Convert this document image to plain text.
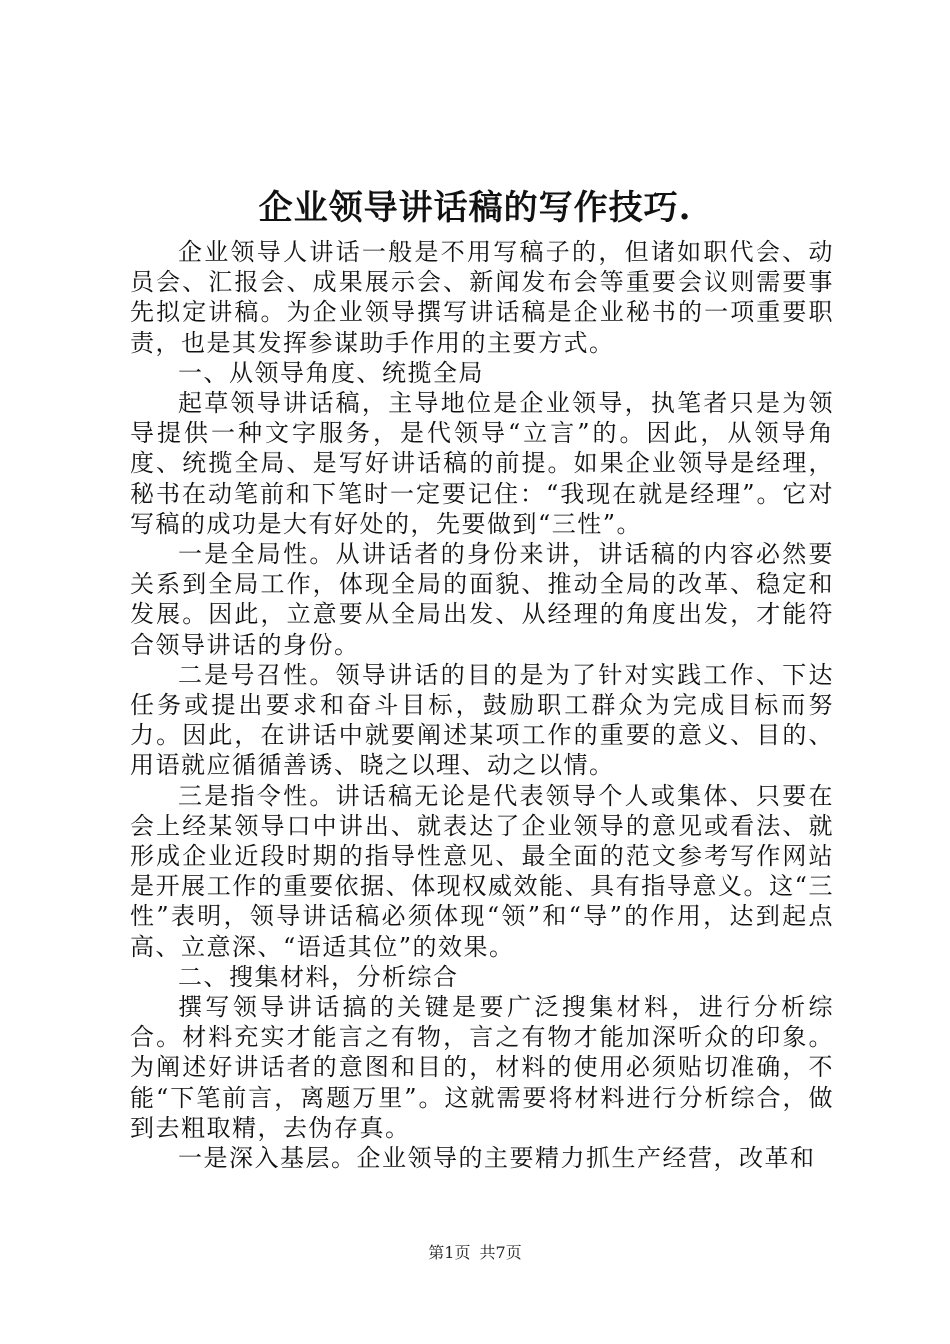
企业领导讲话稿的写作技巧.

企业领导人讲话一般是不用写稿子的，但诸如职代会、动员会、汇报会、成果展示会、新闻发布会等重要会议则需要事先拟定讲稿。为企业领导撰写讲话稿是企业秘书的一项重要职责，也是其发挥参谋助手作用的主要方式。

一、从领导角度、统揽全局

起草领导讲话稿，主导地位是企业领导，执笔者只是为领导提供一种文字服务，是代领导“立言”的。因此，从领导角度、统揽全局、是写好讲话稿的前提。如果企业领导是经理，秘书在动笔前和下笔时一定要记住：“我现在就是经理”。它对写稿的成功是大有好处的，先要做到“三性”。

一是全局性。从讲话者的身份来讲，讲话稿的内容必然要关系到全局工作，体现全局的面貌、推动全局的改革、稳定和发展。因此，立意要从全局出发、从经理的角度出发，才能符合领导讲话的身份。

二是号召性。领导讲话的目的是为了针对实践工作、下达任务或提出要求和奋斗目标，鼓励职工群众为完成目标而努力。因此，在讲话中就要阐述某项工作的重要的意义、目的、用语就应循循善诱、晓之以理、动之以情。

三是指令性。讲话稿无论是代表领导个人或集体、只要在会上经某领导口中讲出、就表达了企业领导的意见或看法、就形成企业近段时期的指导性意见、最全面的范文参考写作网站是开展工作的重要依据、体现权威效能、具有指导意义。这“三性”表明，领导讲话稿必须体现“领”和“导”的作用，达到起点高、立意深、“语适其位”的效果。

二、搜集材料，分析综合

撰写领导讲话搞的关键是要广泛搜集材料，进行分析综合。材料充实才能言之有物，言之有物才能加深听众的印象。为阐述好讲话者的意图和目的，材料的使用必须贴切准确，不能“下笔前言，离题万里”。这就需要将材料进行分析综合，做到去粗取精，去伪存真。

一是深入基层。企业领导的主要精力抓生产经营，改革和

第1页 共7页
